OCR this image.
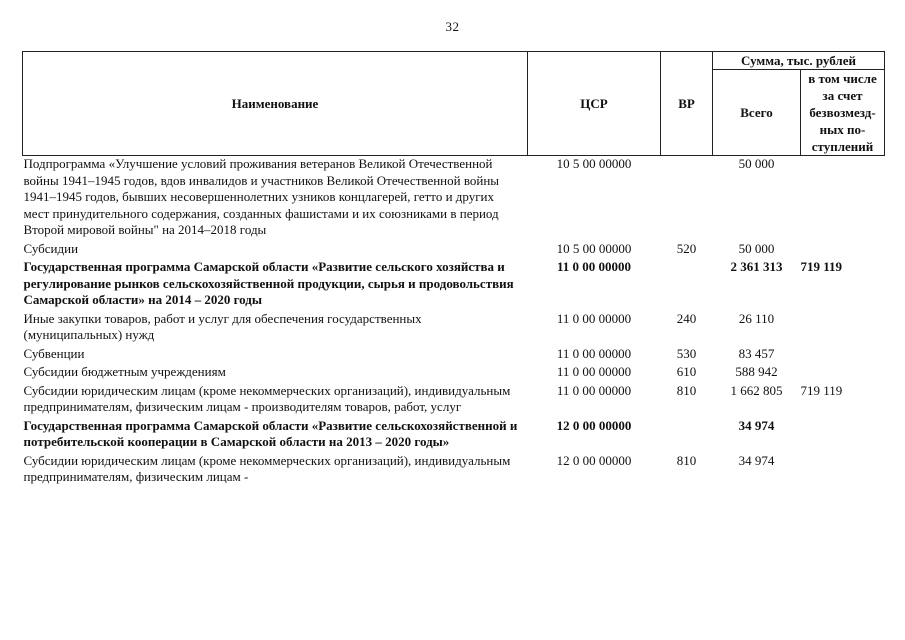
32
Наименование	ЦСР	ВР	Сумма, тыс. рублей	
			Всего	в том числе за счет безвозмезд-ных по-ступлений
Подпрограмма «Улучшение условий проживания ветеранов Великой Отечественной войны 1941–1945 годов, вдов инвалидов и участников Великой Отечественной войны 1941–1945 годов, бывших несовершеннолетних узников концлагерей, гетто и других мест принудительного содержания, созданных фашистами и их союзниками в период Второй мировой войны" на 2014–2018 годы	10 5 00 00000		50 000	
Субсидии	10 5 00 00000	520	50 000	
Государственная программа Самарской области «Развитие сельского хозяйства и регулирование рынков сельскохозяйственной продукции, сырья и продовольствия Самарской области» на 2014 – 2020 годы	11 0 00 00000		2 361 313	719 119
Иные закупки товаров, работ и услуг для обеспечения государственных (муниципальных) нужд	11 0 00 00000	240	26 110	
Субвенции	11 0 00 00000	530	83 457	
Субсидии бюджетным учреждениям	11 0 00 00000	610	588 942	
Субсидии юридическим лицам (кроме некоммерческих организаций), индивидуальным предпринимателям, физическим лицам - производителям товаров, работ, услуг	11 0 00 00000	810	1 662 805	719 119
Государственная программа Самарской области «Развитие сельскохозяйственной и потребительской кооперации в Самарской области на 2013 – 2020 годы»	12 0 00 00000		34 974	
Субсидии юридическим лицам (кроме некоммерческих организаций), индивидуальным предпринимателям, физическим лицам -	12 0 00 00000	810	34 974	
